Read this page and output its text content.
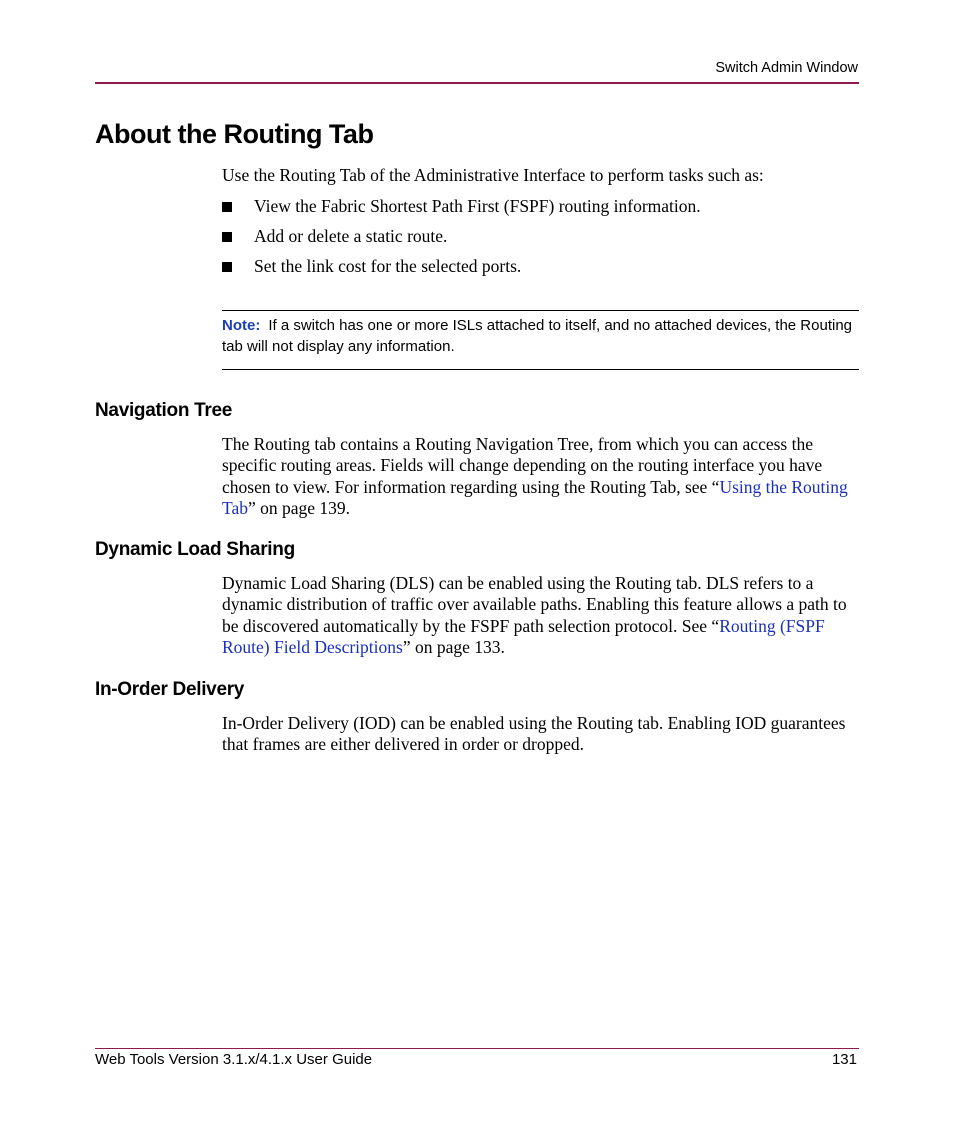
Switch Admin Window
About the Routing Tab

Use the Routing Tab of the Administrative Interface to perform tasks such as:

View the Fabric Shortest Path First (FSPF) routing information.
Add or delete a static route.
Set the link cost for the selected ports.
Note: If a switch has one or more ISLs attached to itself, and no attached devices, the Routing tab will not display any information.
Navigation Tree

The Routing tab contains a Routing Navigation Tree, from which you can access the specific routing areas. Fields will change depending on the routing interface you have chosen to view. For information regarding using the Routing Tab, see “Using the Routing Tab” on page 139.

Dynamic Load Sharing

Dynamic Load Sharing (DLS) can be enabled using the Routing tab. DLS refers to a dynamic distribution of traffic over available paths. Enabling this feature allows a path to be discovered automatically by the FSPF path selection protocol. See “Routing (FSPF Route) Field Descriptions” on page 133.

In-Order Delivery

In-Order Delivery (IOD) can be enabled using the Routing tab. Enabling IOD guarantees that frames are either delivered in order or dropped.

Web Tools Version 3.1.x/4.1.x User Guide	131
